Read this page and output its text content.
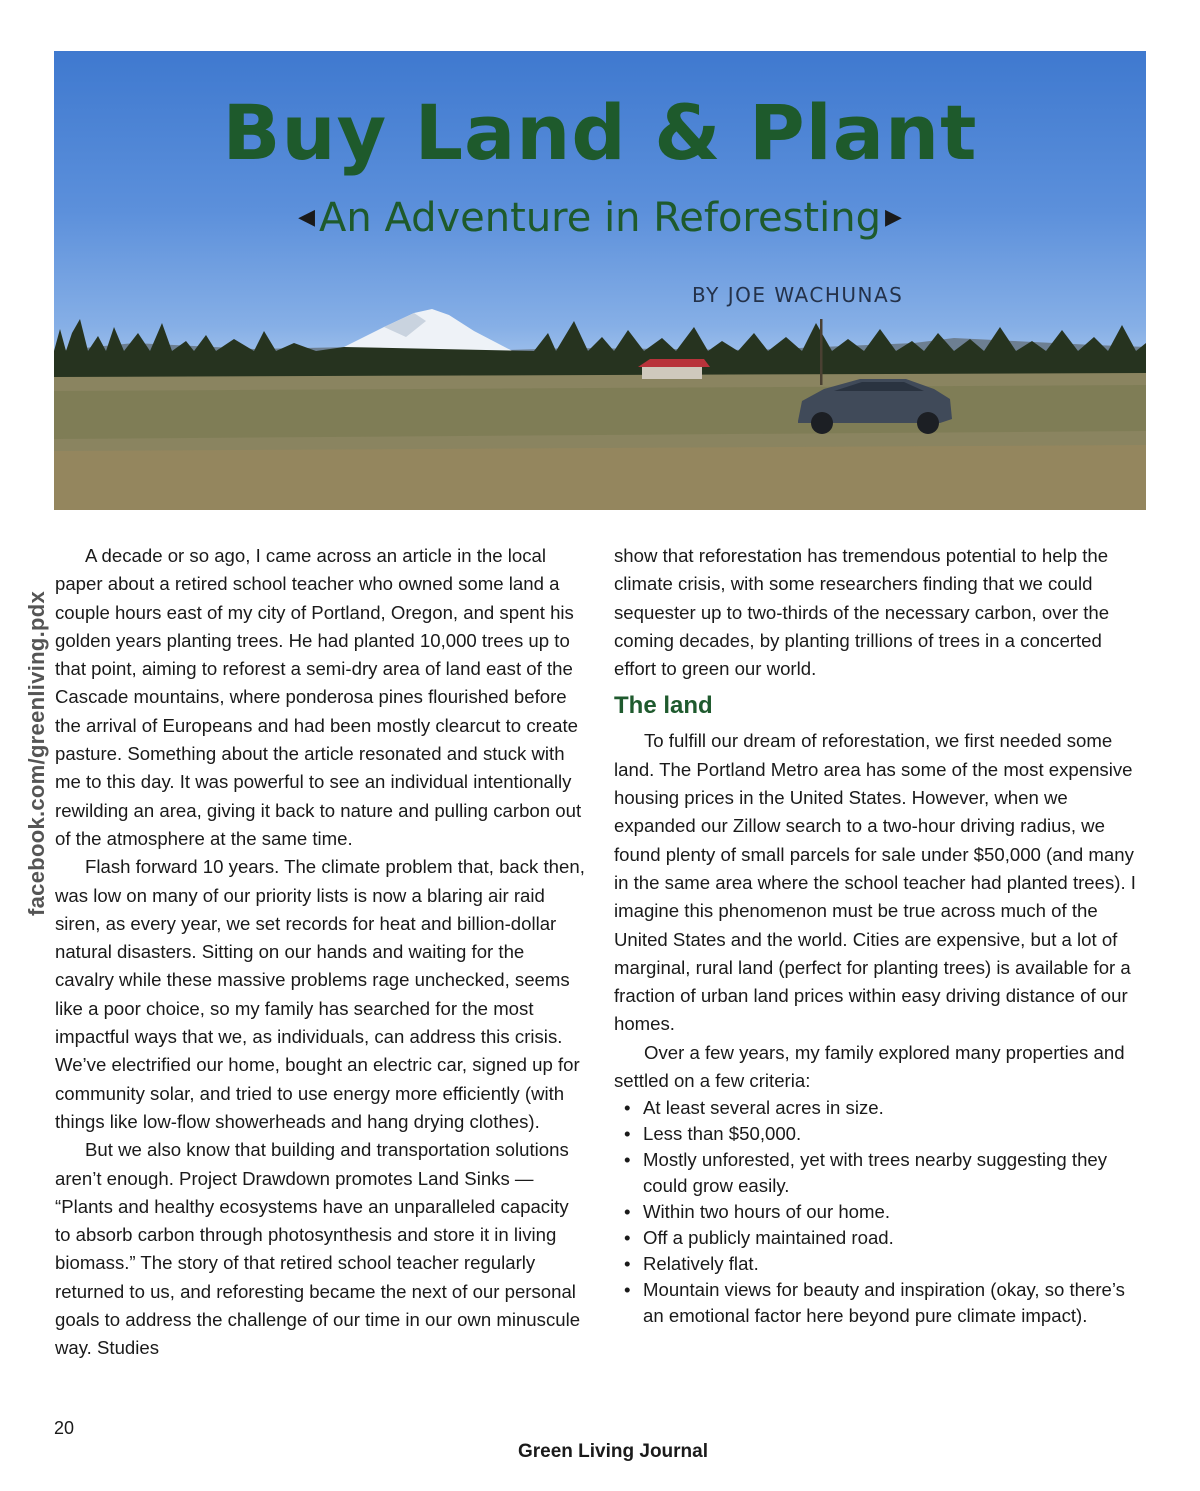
Buy Land & Plant

◀ An Adventure in Reforesting ▶

BY JOE WACHUNAS

facebook.com/greenliving.pdx

A decade or so ago, I came across an article in the local paper about a retired school teacher who owned some land a couple hours east of my city of Portland, Oregon, and spent his golden years planting trees. He had planted 10,000 trees up to that point, aiming to reforest a semi-dry area of land east of the Cascade mountains, where ponderosa pines flourished before the arrival of Europeans and had been mostly clearcut to create pasture. Something about the article resonated and stuck with me to this day. It was powerful to see an individual intentionally rewilding an area, giving it back to nature and pulling carbon out of the atmosphere at the same time.

Flash forward 10 years. The climate problem that, back then, was low on many of our priority lists is now a blaring air raid siren, as every year, we set records for heat and billion-dollar natural disasters. Sitting on our hands and waiting for the cavalry while these massive problems rage unchecked, seems like a poor choice, so my family has searched for the most impactful ways that we, as individuals, can address this crisis. We’ve electrified our home, bought an electric car, signed up for community solar, and tried to use energy more efficiently (with things like low-flow showerheads and hang drying clothes).

But we also know that building and transportation solutions aren’t enough. Project Drawdown promotes Land Sinks — “Plants and healthy ecosystems have an unparalleled capacity to absorb carbon through photosynthesis and store it in living biomass.” The story of that retired school teacher regularly returned to us, and reforesting became the next of our personal goals to address the challenge of our time in our own minuscule way. Studies

show that reforestation has tremendous potential to help the climate crisis, with some researchers finding that we could sequester up to two-thirds of the necessary carbon, over the coming decades, by planting trillions of trees in a concerted effort to green our world.

The land

To fulfill our dream of reforestation, we first needed some land. The Portland Metro area has some of the most expensive housing prices in the United States. However, when we expanded our Zillow search to a two-hour driving radius, we found plenty of small parcels for sale under $50,000 (and many in the same area where the school teacher had planted trees). I imagine this phenomenon must be true across much of the United States and the world. Cities are expensive, but a lot of marginal, rural land (perfect for planting trees) is available for a fraction of urban land prices within easy driving distance of our homes.

Over a few years, my family explored many properties and settled on a few criteria:

• At least several acres in size.
• Less than $50,000.
• Mostly unforested, yet with trees nearby suggesting they could grow easily.
• Within two hours of our home.
• Off a publicly maintained road.
• Relatively flat.
• Mountain views for beauty and inspiration (okay, so there’s an emotional factor here beyond pure climate impact).

20

Green Living Journal
